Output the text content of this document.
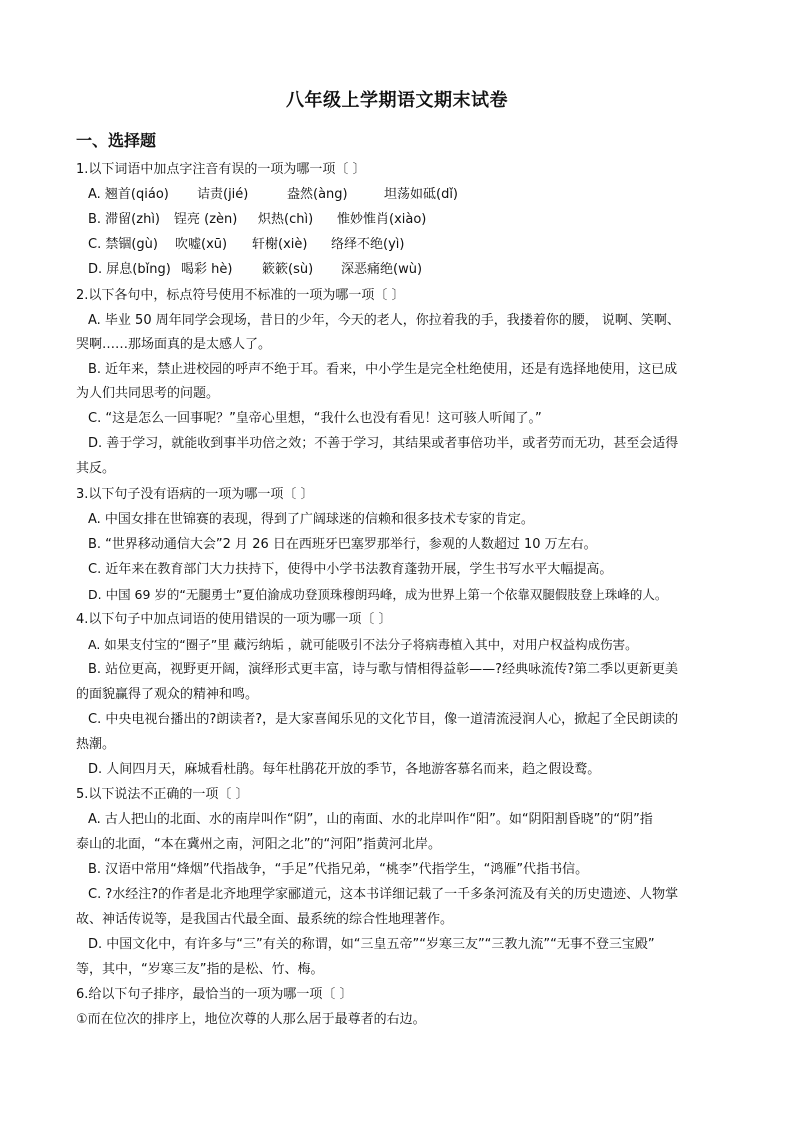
八年级上学期语文期末试卷
一、选择题
1.以下词语中加点字注音有误的一项为哪一项〔 〕
A. 翘首(qiáo) 诘责(jié)	盎然(àng)	坦荡如砥(dǐ)
B. 滞留(zhì) 锃亮 (zèn) 炽热(chì) 惟妙惟肖(xiào)
C. 禁锢(gù) 吹嘘(xū) 轩榭(xiè) 络绎不绝(yì)
D. 屏息(bǐng) 喝彩 hè) 簌簌(sù) 深恶痛绝(wù)
2.以下各句中，标点符号使用不标准的一项为哪一项〔 〕
A. 毕业 50 周年同学会现场，昔日的少年，今天的老人，你拉着我的手，我搂着你的腰， 说啊、笑啊、
哭啊……那场面真的是太感人了。
B. 近年来，禁止进校园的呼声不绝于耳。看来，中小学生是完全杜绝使用，还是有选择地使用，这已成
为人们共同思考的问题。
C. “这是怎么一回事呢？”皇帝心里想，“我什么也没有看见！这可骇人听闻了。”
D. 善于学习，就能收到事半功倍之效；不善于学习，其结果或者事倍功半，或者劳而无功，甚至会适得
其反。
3.以下句子没有语病的一项为哪一项〔 〕
A. 中国女排在世锦赛的表现，得到了广阔球迷的信赖和很多技术专家的肯定。
B. “世界移动通信大会”2 月 26 日在西班牙巴塞罗那举行，参观的人数超过 10 万左右。
C. 近年来在教育部门大力扶持下，使得中小学书法教育蓬勃开展，学生书写水平大幅提高。
D. 中国 69 岁的“无腿勇士”夏伯渝成功登顶珠穆朗玛峰，成为世界上第一个依靠双腿假肢登上珠峰的人。
4.以下句子中加点词语的使用错误的一项为哪一项〔 〕
A. 如果支付宝的“圈子”里 藏污纳垢 ，就可能吸引不法分子将病毒植入其中，对用户权益构成伤害。
B. 站位更高，视野更开阔，演绎形式更丰富，诗与歌与情相得益彰——?经典咏流传?第二季以更新更美
的面貌赢得了观众的精神和鸣。
C. 中央电视台播出的?朗读者?，是大家喜闻乐见的文化节目，像一道清流浸润人心，掀起了全民朗读的
热潮。
D. 人间四月天，麻城看杜鹃。每年杜鹃花开放的季节，各地游客慕名而来，趋之假设鹜。
5.以下说法不正确的一项〔 〕
A. 古人把山的北面、水的南岸叫作“阴”，山的南面、水的北岸叫作“阳”。如“阴阳割昏晓”的“阴”指
泰山的北面，“本在冀州之南，河阳之北”的“河阳”指黄河北岸。
B. 汉语中常用“烽烟”代指战争，“手足”代指兄弟，“桃李”代指学生，“鸿雁”代指书信。
C. ?水经注?的作者是北齐地理学家郦道元，这本书详细记载了一千多条河流及有关的历史遗迹、人物掌
故、神话传说等，是我国古代最全面、最系统的综合性地理著作。
D. 中国文化中，有许多与“三”有关的称谓，如“三皇五帝”“岁寒三友”“三教九流”“无事不登三宝殿”
等，其中，“岁寒三友”指的是松、竹、梅。
6.给以下句子排序，最恰当的一项为哪一项〔 〕
①而在位次的排序上，地位次尊的人那么居于最尊者的右边。
